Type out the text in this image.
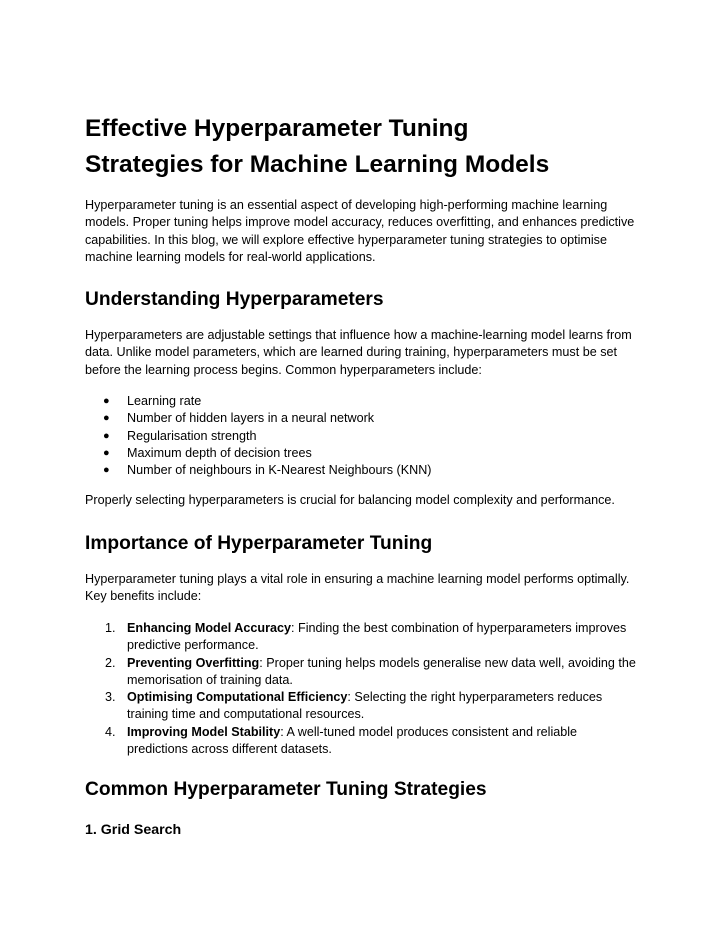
Effective Hyperparameter Tuning
Strategies for Machine Learning Models

Hyperparameter tuning is an essential aspect of developing high-performing machine learning models. Proper tuning helps improve model accuracy, reduces overfitting, and enhances predictive capabilities. In this blog, we will explore effective hyperparameter tuning strategies to optimise machine learning models for real-world applications.

Understanding Hyperparameters

Hyperparameters are adjustable settings that influence how a machine-learning model learns from data. Unlike model parameters, which are learned during training, hyperparameters must be set before the learning process begins. Common hyperparameters include:

● Learning rate
● Number of hidden layers in a neural network
● Regularisation strength
● Maximum depth of decision trees
● Number of neighbours in K-Nearest Neighbours (KNN)

Properly selecting hyperparameters is crucial for balancing model complexity and performance.

Importance of Hyperparameter Tuning

Hyperparameter tuning plays a vital role in ensuring a machine learning model performs optimally. Key benefits include:

1. Enhancing Model Accuracy: Finding the best combination of hyperparameters improves predictive performance.
2. Preventing Overfitting: Proper tuning helps models generalise new data well, avoiding the memorisation of training data.
3. Optimising Computational Efficiency: Selecting the right hyperparameters reduces training time and computational resources.
4. Improving Model Stability: A well-tuned model produces consistent and reliable predictions across different datasets.
Common Hyperparameter Tuning Strategies
1. Grid Search
